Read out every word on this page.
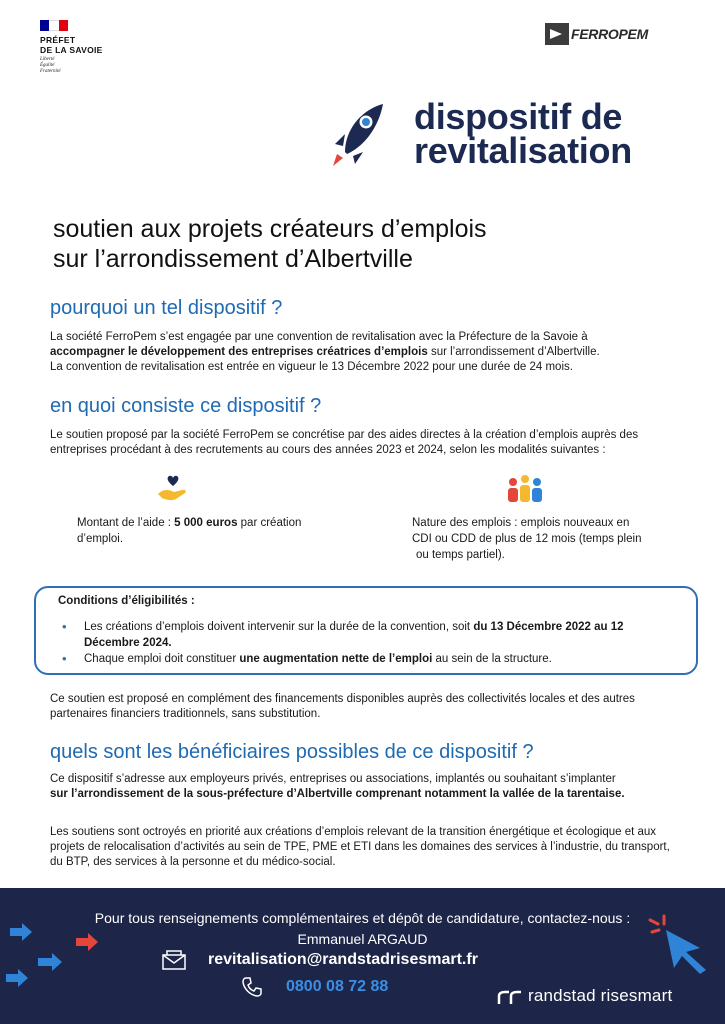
PRÉFET
DE LA SAVOIE
Liberté
Égalité
Fraternité
FERROPEM
dispositif de
revitalisation
soutien aux projets créateurs d’emplois
sur l’arrondissement d’Albertville
pourquoi un tel dispositif ?
La société FerroPem s’est engagée par une convention de revitalisation avec la Préfecture de la Savoie à
accompagner le développement des entreprises créatrices d’emplois sur l’arrondissement d’Albertville.
La convention de revitalisation est entrée en vigueur le 13 Décembre 2022 pour une durée de 24 mois.
en quoi consiste ce dispositif ?
Le soutien proposé par la société FerroPem se concrétise par des aides directes à la création d’emplois auprès des entreprises procédant à des recrutements au cours des années 2023 et 2024, selon les modalités suivantes :
Montant de l’aide : 5 000 euros par création
d’emploi.
Nature des emplois : emplois nouveaux en
CDI ou CDD de plus de 12 mois (temps plein
ou temps partiel).
Conditions d’éligibilités :
• Les créations d’emplois doivent intervenir sur la durée de la convention, soit du 13 Décembre 2022 au 12 Décembre 2024.
• Chaque emploi doit constituer une augmentation nette de l’emploi au sein de la structure.
Ce soutien est proposé en complément des financements disponibles auprès des collectivités locales et des autres partenaires financiers traditionnels, sans substitution.
quels sont les bénéficiaires possibles de ce dispositif ?
Ce dispositif s’adresse aux employeurs privés, entreprises ou associations, implantés ou souhaitant s’implanter
sur l’arrondissement de la sous-préfecture d’Albertville comprenant notamment la vallée de la tarentaise.
Les soutiens sont octroyés en priorité aux créations d’emplois relevant de la transition énergétique et écologique et aux projets de relocalisation d’activités au sein de TPE, PME et ETI dans les domaines des services à l’industrie, du transport, du BTP, des services à la personne et du médico-social.
Pour tous renseignements complémentaires et dépôt de candidature, contactez-nous :
Emmanuel ARGAUD
revitalisation@randstadrisesmart.fr
0800 08 72 88	randstad risesmart
